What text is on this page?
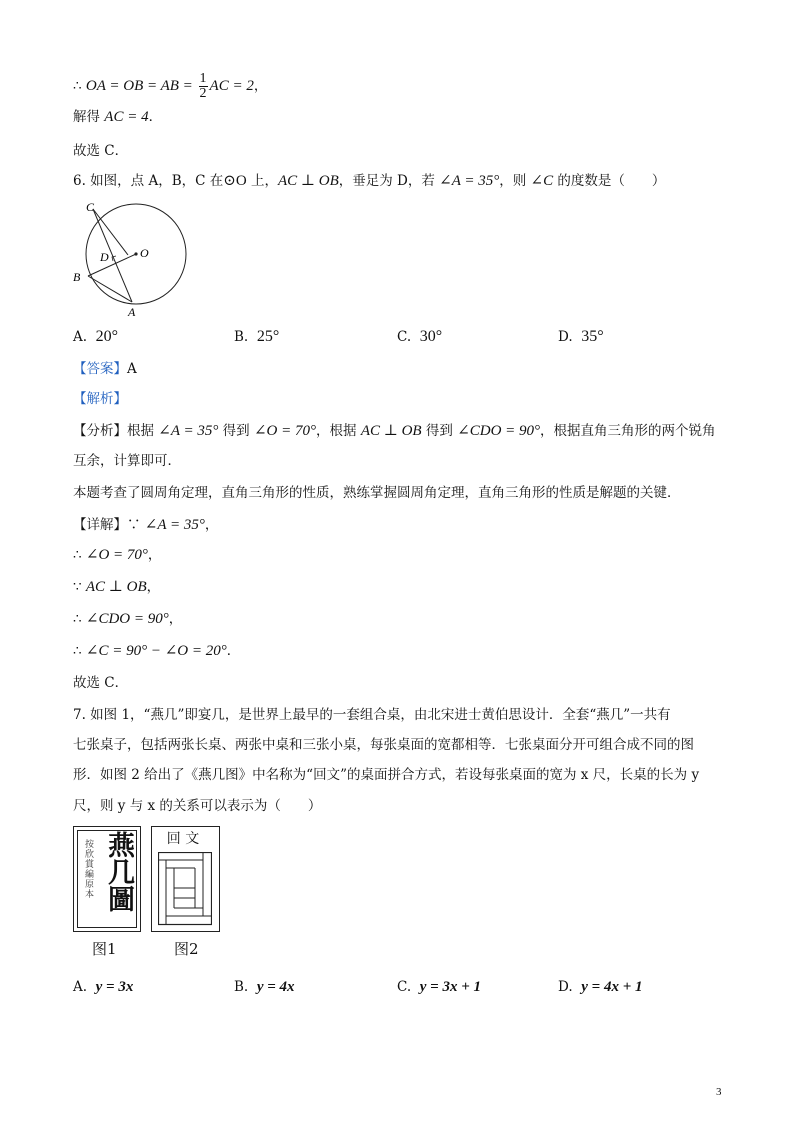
∴ OA = OB = AB = $\frac{1}{2}$ AC = 2，
解得 AC = 4．
故选 C．
6. 如图，点 A，B，C 在⊙O 上，AC ⊥ OB，垂足为 D，若 ∠A = 35°，则 ∠C 的度数是（　　）
C
O
D
B
A
A. 20°	B. 25°	C. 30°	D. 35°
【答案】A
【解析】
【分析】根据 ∠A = 35° 得到 ∠O = 70°，根据 AC ⊥ OB 得到 ∠CDO = 90°，根据直角三角形的两个锐角
互余，计算即可．
本题考查了圆周角定理，直角三角形的性质，熟练掌握圆周角定理，直角三角形的性质是解题的关键．
【详解】∵ ∠A = 35°，
∴ ∠O = 70°，
∵ AC ⊥ OB，
∴ ∠CDO = 90°，
∴ ∠C = 90° − ∠O = 20°．
故选 C．
7. 如图 1，“燕几”即宴几，是世界上最早的一套组合桌，由北宋进士黄伯思设计．全套“燕几”一共有
七张桌子，包括两张长桌、两张中桌和三张小桌，每张桌面的宽都相等．七张桌面分开可组合成不同的图
形．如图 2 给出了《燕几图》中名称为“回文”的桌面拼合方式，若设每张桌面的宽为 x 尺，长桌的长为 y
尺，则 y 与 x 的关系可以表示为（　　）
按欣賞編原本 燕几圖	回 文
图1	图2
A. y = 3x	B. y = 4x	C. y = 3x + 1	D. y = 4x + 1
3
